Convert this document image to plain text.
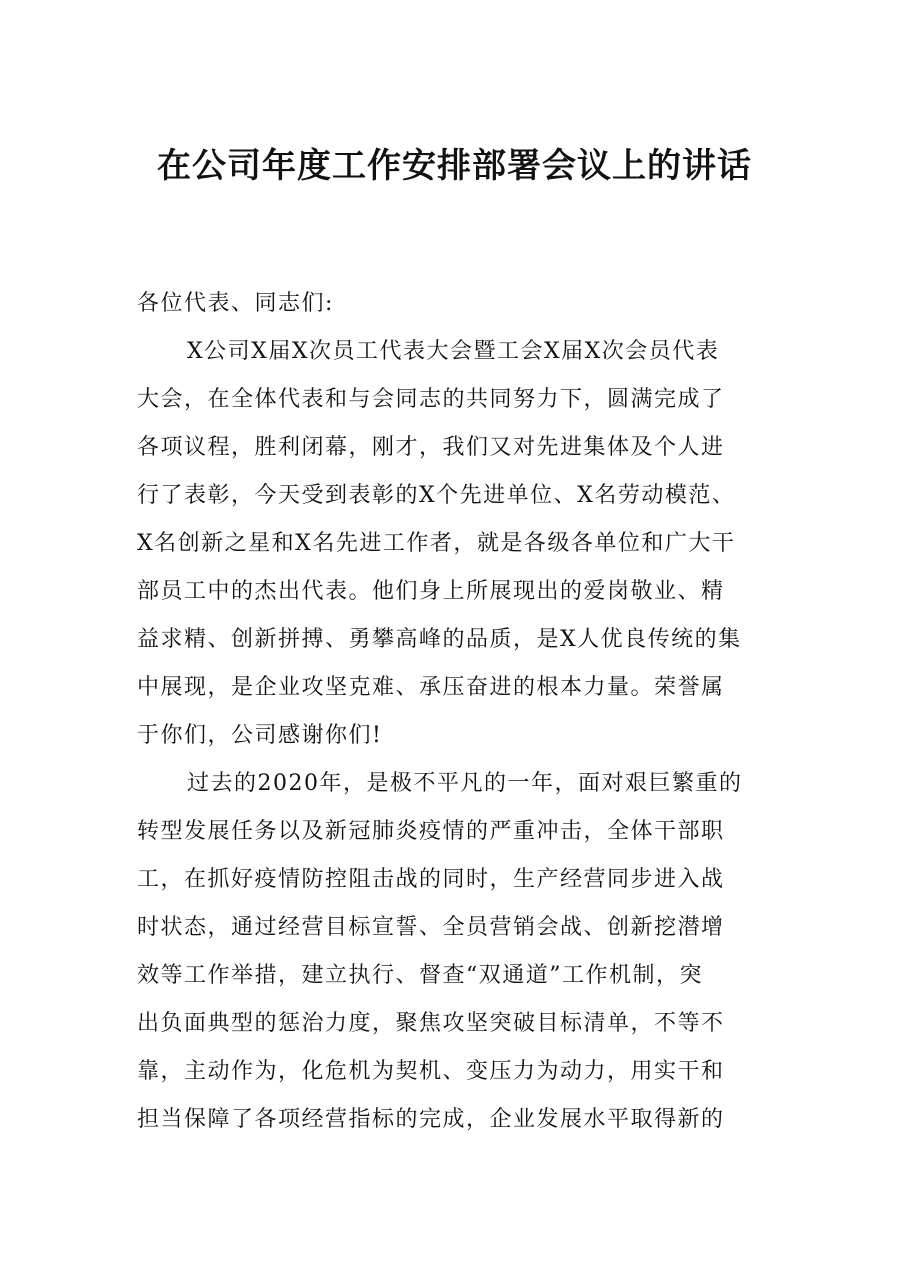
在公司年度工作安排部署会议上的讲话
各位代表、同志们:
X公司X届X次员工代表大会暨工会X届X次会员代表
大会，在全体代表和与会同志的共同努力下，圆满完成了
各项议程，胜利闭幕，刚才，我们又对先进集体及个人进
行了表彰，今天受到表彰的X个先进单位、X名劳动模范、
X名创新之星和X名先进工作者，就是各级各单位和广大干
部员工中的杰出代表。他们身上所展现出的爱岗敬业、精
益求精、创新拼搏、勇攀高峰的品质，是X人优良传统的集
中展现，是企业攻坚克难、承压奋进的根本力量。荣誉属
于你们，公司感谢你们!
过去的2020年，是极不平凡的一年，面对艰巨繁重的
转型发展任务以及新冠肺炎疫情的严重冲击，全体干部职
工，在抓好疫情防控阻击战的同时，生产经营同步进入战
时状态，通过经营目标宣誓、全员营销会战、创新挖潜增
效等工作举措，建立执行、督查“双通道”工作机制，突
出负面典型的惩治力度，聚焦攻坚突破目标清单，不等不
靠，主动作为，化危机为契机、变压力为动力，用实干和
担当保障了各项经营指标的完成，企业发展水平取得新的
